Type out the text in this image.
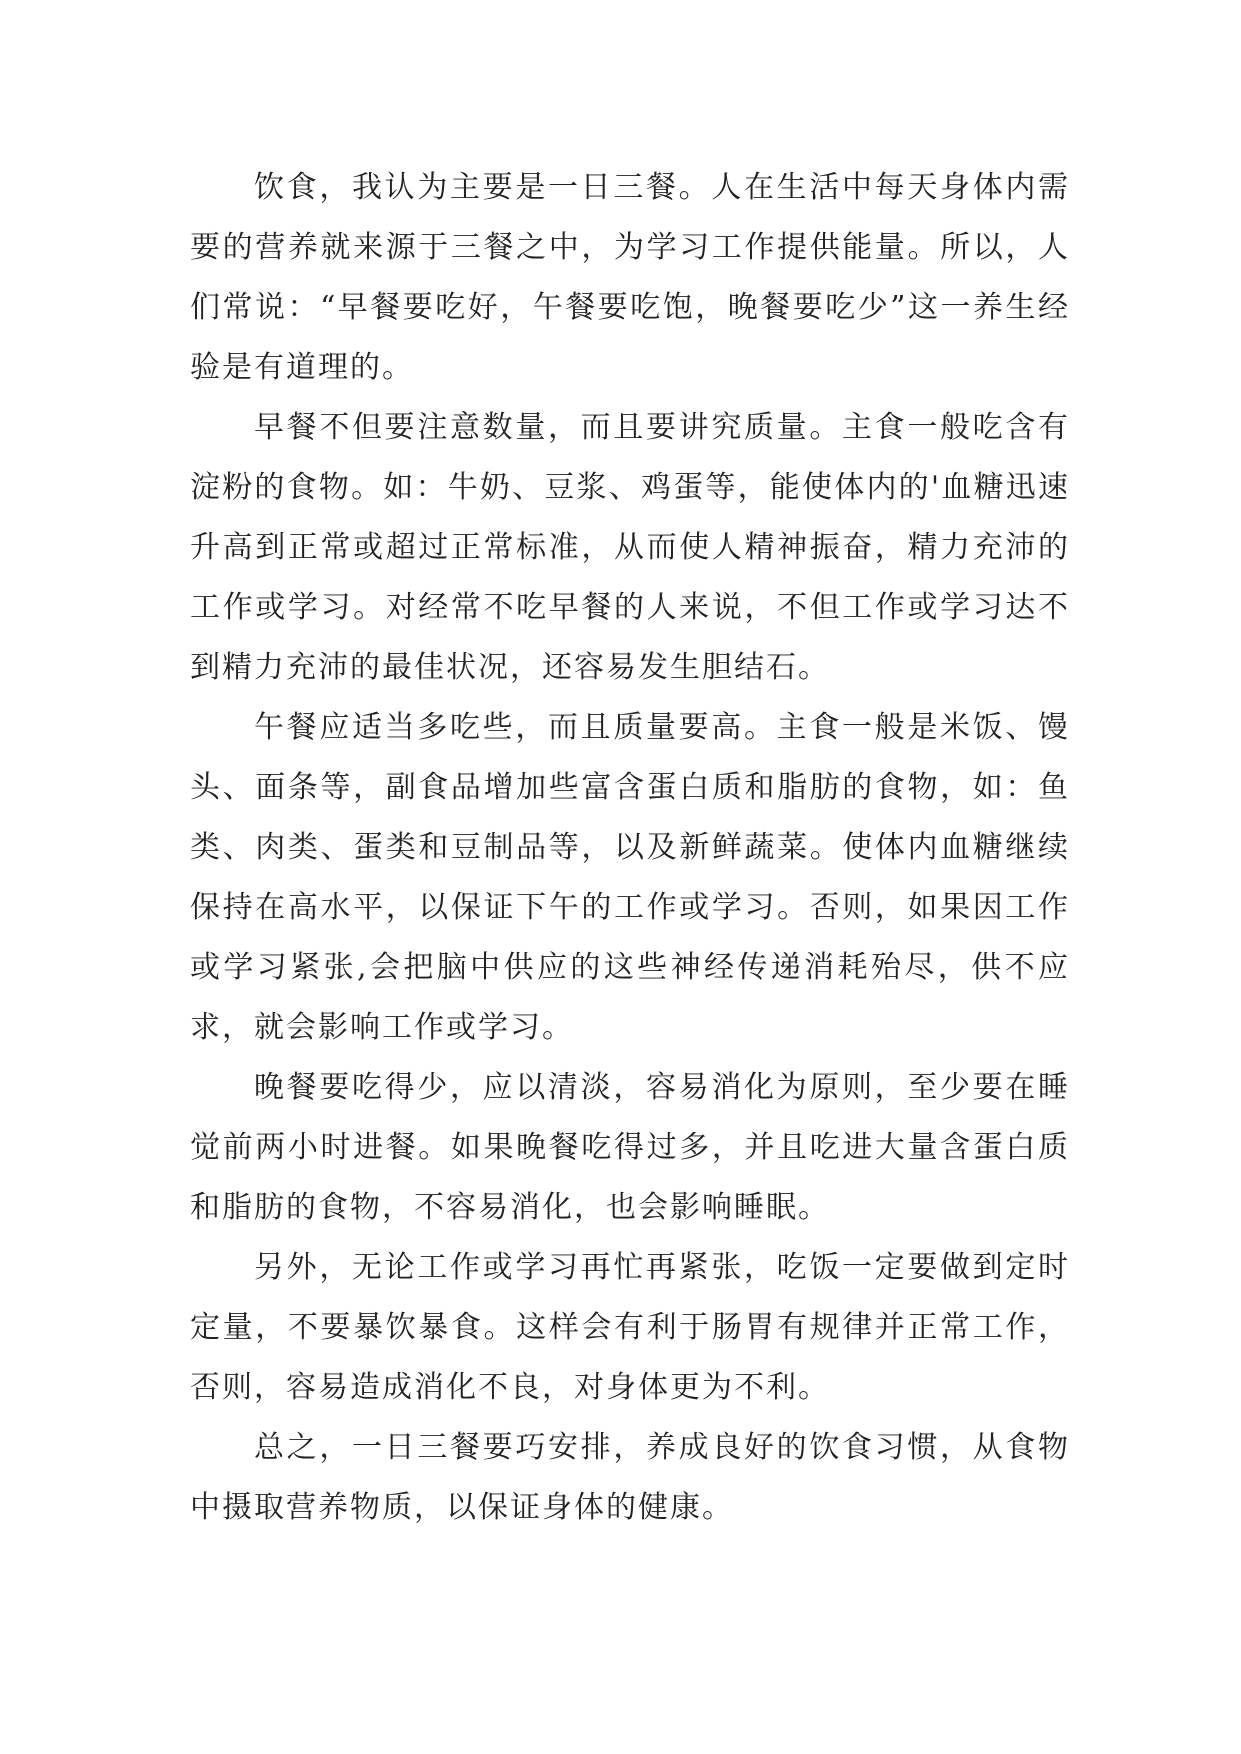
饮食，我认为主要是一日三餐。人在生活中每天身体内需要的营养就来源于三餐之中，为学习工作提供能量。所以，人们常说：“早餐要吃好，午餐要吃饱，晚餐要吃少”这一养生经验是有道理的。

早餐不但要注意数量，而且要讲究质量。主食一般吃含有淀粉的食物。如：牛奶、豆浆、鸡蛋等，能使体内的'血糖迅速升高到正常或超过正常标准，从而使人精神振奋，精力充沛的工作或学习。对经常不吃早餐的人来说，不但工作或学习达不到精力充沛的最佳状况，还容易发生胆结石。

午餐应适当多吃些，而且质量要高。主食一般是米饭、馒头、面条等，副食品增加些富含蛋白质和脂肪的食物，如：鱼类、肉类、蛋类和豆制品等，以及新鲜蔬菜。使体内血糖继续保持在高水平，以保证下午的工作或学习。否则，如果因工作或学习紧张,会把脑中供应的这些神经传递消耗殆尽，供不应求，就会影响工作或学习。

晚餐要吃得少，应以清淡，容易消化为原则，至少要在睡觉前两小时进餐。如果晚餐吃得过多，并且吃进大量含蛋白质和脂肪的食物，不容易消化，也会影响睡眠。

另外，无论工作或学习再忙再紧张，吃饭一定要做到定时定量，不要暴饮暴食。这样会有利于肠胃有规律并正常工作，否则，容易造成消化不良，对身体更为不利。

总之，一日三餐要巧安排，养成良好的饮食习惯，从食物中摄取营养物质，以保证身体的健康。
